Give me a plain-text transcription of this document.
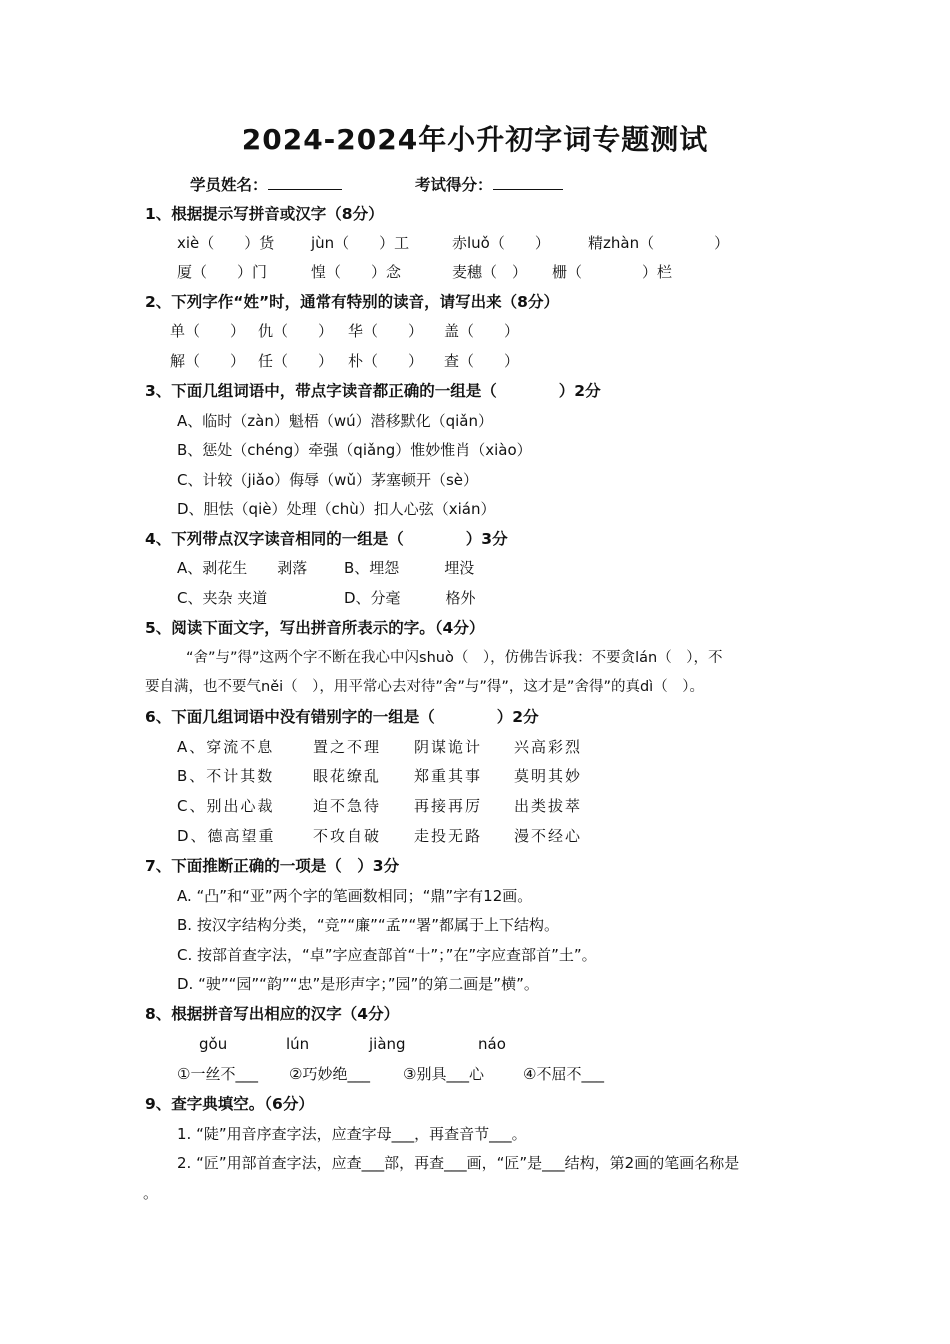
2024-2024年小升初字词专题测试
学员姓名：	考试得分：
1、根据提示写拼音或汉字（8分）
xiè（　　）货 jùn（　　）工	赤luǒ（　　）	精zhàn（　　　　）
厦（　　）门	惶（　　）念	麦穗（　） 栅（　　　　）栏
2、下列字作“姓”时，通常有特别的读音，请写出来（8分）
单（　　） 仇（　　） 华（　　） 盖（　　）
解（　　） 任（　　） 朴（　　） 查（　　）
3、下面几组词语中，带点字读音都正确的一组是（　　　　）2分
A、临时（zàn）魁梧（wú）潜移默化（qiǎn）
B、惩处（chéng）牵强（qiǎng）惟妙惟肖（xiào）
C、计较（jiǎo）侮辱（wǔ）茅塞顿开（sè）
D、胆怯（qiè）处理（chù）扣人心弦（xián）
4、下列带点汉字读音相同的一组是（　　　　）3分
A、剥花生　　剥落 B、埋怨　　　埋没
C、夹杂 夹道	D、分毫　　　格外
5、阅读下面文字，写出拼音所表示的字。（4分）
“舍”与”得”这两个字不断在我心中闪shuò（　），仿佛告诉我：不要贪lán（　），不
要自满，也不要气něi（　），用平常心去对待”舍”与”得”，这才是”舍得”的真dì（　）。
6、下面几组词语中没有错别字的一组是（　　　　）2分
A、穿流不息	置之不理 阴谋诡计 兴高彩烈
B、不计其数	眼花缭乱 郑重其事 莫明其妙
C、别出心裁	迫不急待 再接再厉 出类拔萃
D、德高望重 不攻自破 走投无路 漫不经心
7、下面推断正确的一项是（　）3分
A. “凸”和“亚”两个字的笔画数相同；“鼎”字有12画。
B. 按汉字结构分类，“竞”“廉”“孟”“署”都属于上下结构。
C. 按部首查字法，“卓”字应查部首“十”；”在”字应查部首”土”。
D. “驶”“园”“韵”“忠”是形声字；”园”的第二画是”横”。
8、根据拼音写出相应的汉字（4分）
gǒu	lún	jiàng	náo
①一丝不___ ②巧妙绝___ ③别具___心	④不屈不___
9、查字典填空。（6分）
1. “陡”用音序查字法，应查字母___，再查音节___。
2. “匠”用部首查字法，应查___部，再查___画，“匠”是___结构，第2画的笔画名称是
。
